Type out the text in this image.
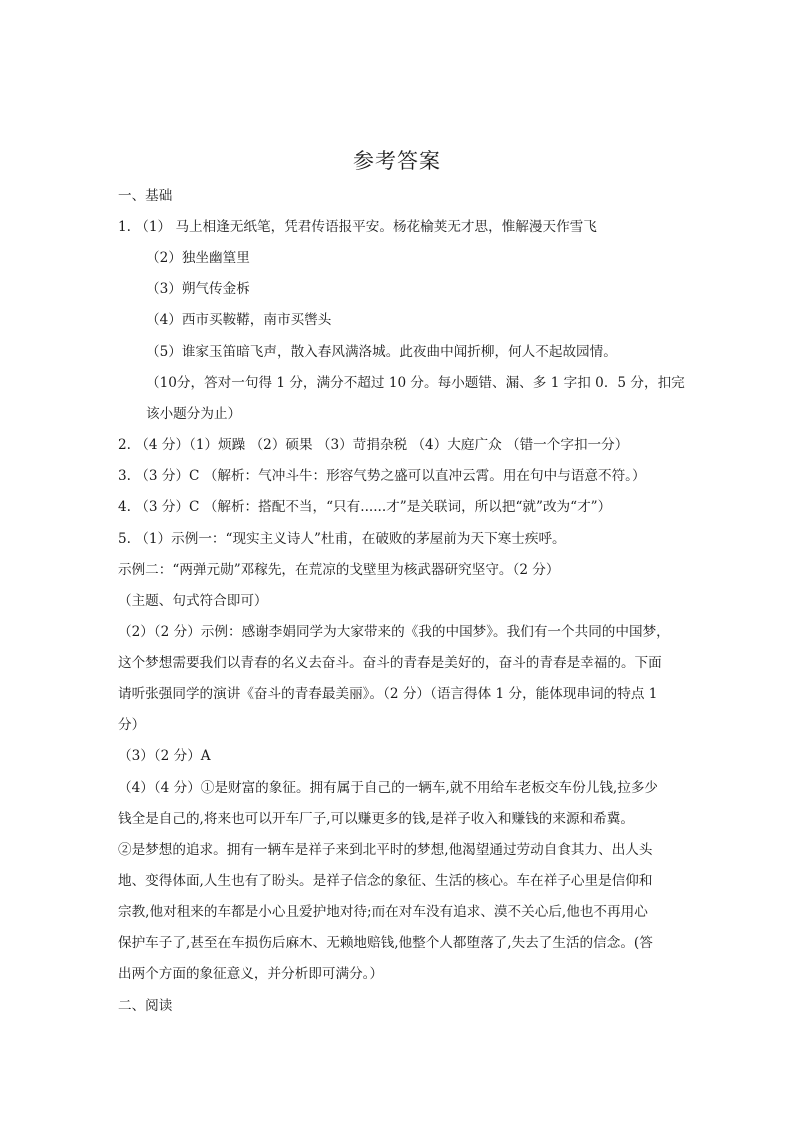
参考答案
一、基础
1. （1） 马上相逢无纸笔，凭君传语报平安。杨花榆荚无才思，惟解漫天作雪飞
（2）独坐幽篁里
（3）朔气传金柝
（4）西市买鞍鞯，南市买辔头
（5）谁家玉笛暗飞声，散入春风满洛城。此夜曲中闻折柳，何人不起故园情。
（10分，答对一句得 1 分，满分不超过 10 分。每小题错、漏、多 1 字扣 0．5 分，扣完
该小题分为止）
2. （4 分）（1）烦躁 （2）硕果 （3）苛捐杂税 （4）大庭广众 （错一个字扣一分）
3. （3 分）C （解析：气冲斗牛：形容气势之盛可以直冲云霄。用在句中与语意不符。）
4. （3 分）C （解析：搭配不当，“只有......才”是关联词，所以把“就”改为“才”）
5. （1）示例一：“现实主义诗人”杜甫，在破败的茅屋前为天下寒士疾呼。
示例二：“两弹元勋”邓稼先，在荒凉的戈壁里为核武器研究坚守。（2 分）
（主题、句式符合即可）
（2）（2 分）示例：感谢李娟同学为大家带来的《我的中国梦》。我们有一个共同的中国梦，
这个梦想需要我们以青春的名义去奋斗。奋斗的青春是美好的，奋斗的青春是幸福的。下面
请听张强同学的演讲《奋斗的青春最美丽》。（2 分）（语言得体 1 分，能体现串词的特点 1
分）
（3）（2 分）A
（4）（4 分）①是财富的象征。拥有属于自己的一辆车,就不用给车老板交车份儿钱,拉多少
钱全是自己的,将来也可以开车厂子,可以赚更多的钱,是祥子收入和赚钱的来源和希冀。
②是梦想的追求。拥有一辆车是祥子来到北平时的梦想,他渴望通过劳动自食其力、出人头
地、变得体面,人生也有了盼头。是祥子信念的象征、生活的核心。车在祥子心里是信仰和
宗教,他对租来的车都是小心且爱护地对待;而在对车没有追求、漠不关心后,他也不再用心
保护车子了,甚至在车损伤后麻木、无赖地赔钱,他整个人都堕落了,失去了生活的信念。(答
出两个方面的象征意义，并分析即可满分。）
二、阅读
